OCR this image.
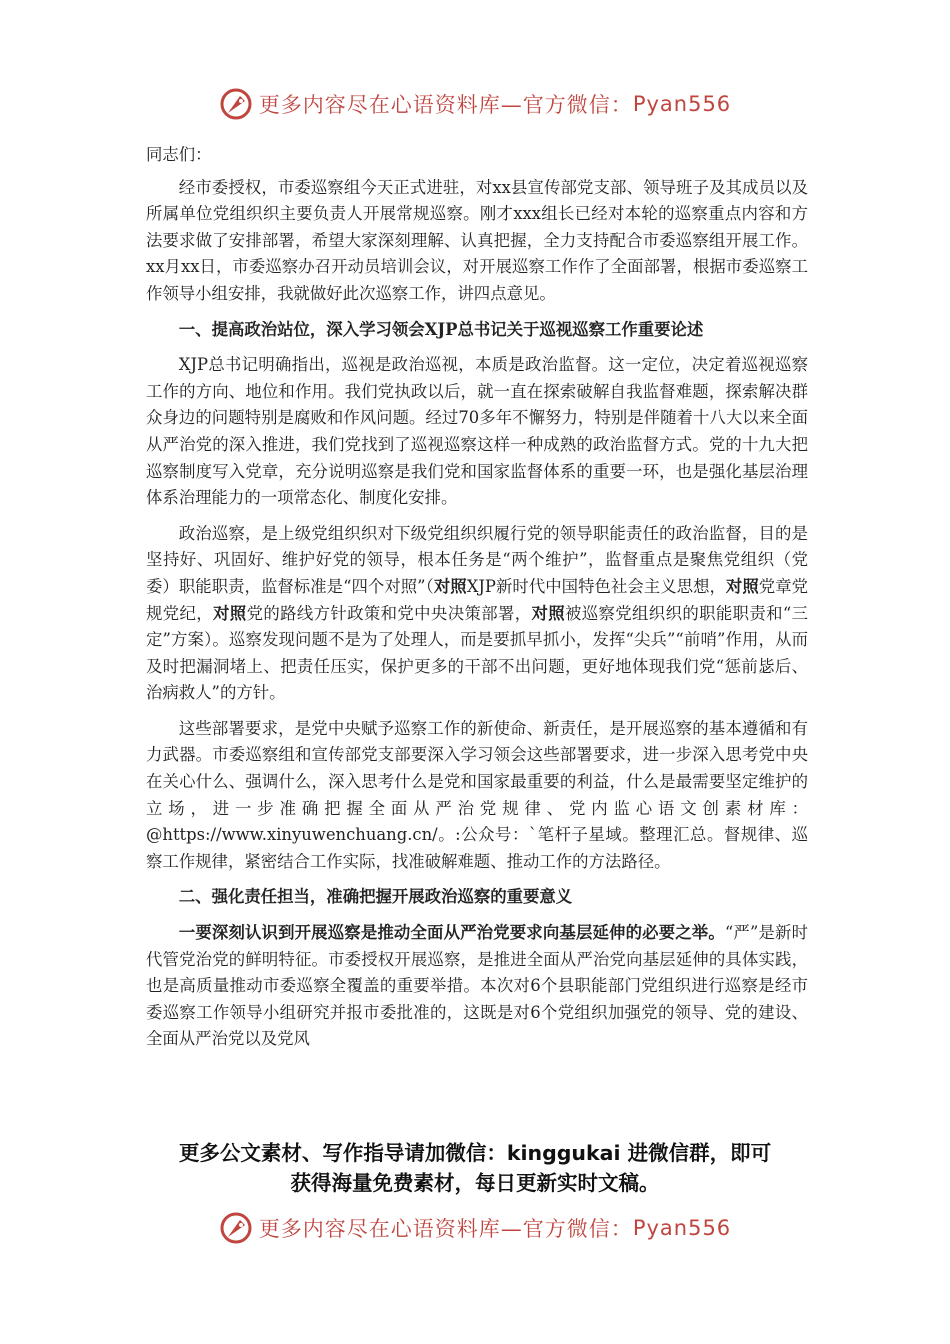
更多内容尽在心语资料库—官方微信： Pyan556

同志们：

经市委授权，市委巡察组今天正式进驻，对xx县宣传部党支部、领导班子及其成员以及所属单位党组织织主要负责人开展常规巡察。刚才xxx组长已经对本轮的巡察重点内容和方法要求做了安排部署，希望大家深刻理解、认真把握，全力支持配合市委巡察组开展工作。xx月xx日，市委巡察办召开动员培训会议，对开展巡察工作作了全面部署，根据市委巡察工作领导小组安排，我就做好此次巡察工作，讲四点意见。

一、提高政治站位，深入学习领会XJP总书记关于巡视巡察工作重要论述

XJP总书记明确指出，巡视是政治巡视，本质是政治监督。这一定位，决定着巡视巡察工作的方向、地位和作用。我们党执政以后，就一直在探索破解自我监督难题，探索解决群众身边的问题特别是腐败和作风问题。经过70多年不懈努力，特别是伴随着十八大以来全面从严治党的深入推进，我们党找到了巡视巡察这样一种成熟的政治监督方式。党的十九大把巡察制度写入党章，充分说明巡察是我们党和国家监督体系的重要一环，也是强化基层治理体系治理能力的一项常态化、制度化安排。

政治巡察，是上级党组织织对下级党组织织履行党的领导职能责任的政治监督，目的是坚持好、巩固好、维护好党的领导，根本任务是“两个维护”，监督重点是聚焦党组织（党委）职能职责，监督标准是“四个对照”（对照XJP新时代中国特色社会主义思想，对照党章党规党纪，对照党的路线方针政策和党中央决策部署，对照被巡察党组织织的职能职责和“三定”方案）。巡察发现问题不是为了处理人，而是要抓早抓小，发挥“尖兵”“前哨”作用，从而及时把漏洞堵上、把责任压实，保护更多的干部不出问题，更好地体现我们党“惩前毖后、治病救人”的方针。

这些部署要求，是党中央赋予巡察工作的新使命、新责任，是开展巡察的基本遵循和有力武器。市委巡察组和宣传部党支部要深入学习领会这些部署要求，进一步深入思考党中央在关心什么、强调什么，深入思考什么是党和国家最重要的利益，什么是最需要坚定维护的立场，进一步准确把握全面从严治党规律、党内监心语文创素材库：@https://www.xinyuwenchuang.cn/。:公众号：`笔杆子星域。整理汇总。督规律、巡察工作规律，紧密结合工作实际，找准破解难题、推动工作的方法路径。

二、强化责任担当，准确把握开展政治巡察的重要意义

一要深刻认识到开展巡察是推动全面从严治党要求向基层延伸的必要之举。“严”是新时代管党治党的鲜明特征。市委授权开展巡察，是推进全面从严治党向基层延伸的具体实践，也是高质量推动市委巡察全覆盖的重要举措。本次对6个县职能部门党组织进行巡察是经市委巡察工作领导小组研究并报市委批准的，这既是对6个党组织加强党的领导、党的建设、全面从严治党以及党风

更多公文素材、写作指导请加微信：kinggukai 进微信群，即可
获得海量免费素材，每日更新实时文稿。
更多内容尽在心语资料库—官方微信： Pyan556
